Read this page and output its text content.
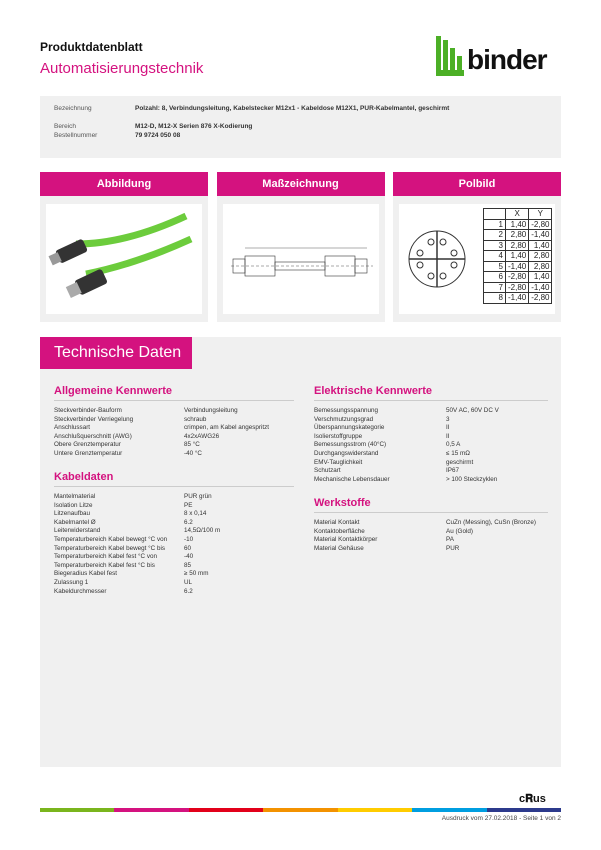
Produktdatenblatt
Automatisierungstechnik	binder
Bezeichnung	Polzahl: 8, Verbindungsleitung, Kabelstecker M12x1 - Kabeldose M12X1, PUR-Kabelmantel, geschirmt
Bereich	M12-D, M12-X Serien 876 X-Kodierung
Bestellnummer	79 9724 050 08
Abbildung	Maßzeichnung	Polbild
	X	Y
1	1,40	-2,80
2	2,80	-1,40
3	2,80	1,40
4	1,40	2,80
5	-1,40	2,80
6	-2,80	1,40
7	-2,80	-1,40
8	-1,40	-2,80
Technische Daten
Allgemeine Kennwerte
Steckverbinder-Bauform	Verbindungsleitung
Steckverbinder Verriegelung	schraub
Anschlussart	crimpen, am Kabel angespritzt
Anschlußquerschnitt (AWG)	4x2xAWG26
Obere Grenztemperatur	85 °C
Untere Grenztemperatur	-40 °C
Kabeldaten
Mantelmaterial	PUR grün
Isolation Litze	PE
Litzenaufbau	8 x 0,14
Kabelmantel Ø	6.2
Leiterwiderstand	14,5Ω/100 m
Temperaturbereich Kabel bewegt °C von	-10
Temperaturbereich Kabel bewegt °C bis	60
Temperaturbereich Kabel fest °C von	-40
Temperaturbereich Kabel fest °C bis	85
Biegeradius Kabel fest	≥ 50 mm
Zulassung 1	UL
Kabeldurchmesser	6.2
Elektrische Kennwerte
Bemessungsspannung	50V AC, 60V DC V
Verschmutzungsgrad	3
Überspannungskategorie	II
Isolierstoffgruppe	II
Bemessungsstrom (40°C)	0,5 A
Durchgangswiderstand	≤ 15 mΩ
EMV-Tauglichkeit	geschirmt
Schutzart	IP67
Mechanische Lebensdauer	> 100 Steckzyklen
Werkstoffe
Material Kontakt	CuZn (Messing), CuSn (Bronze)
Kontaktoberfläche	Au (Gold)
Material Kontaktkörper	PA
Material Gehäuse	PUR
c𝐑us
Ausdruck vom 27.02.2018 - Seite 1 von 2
